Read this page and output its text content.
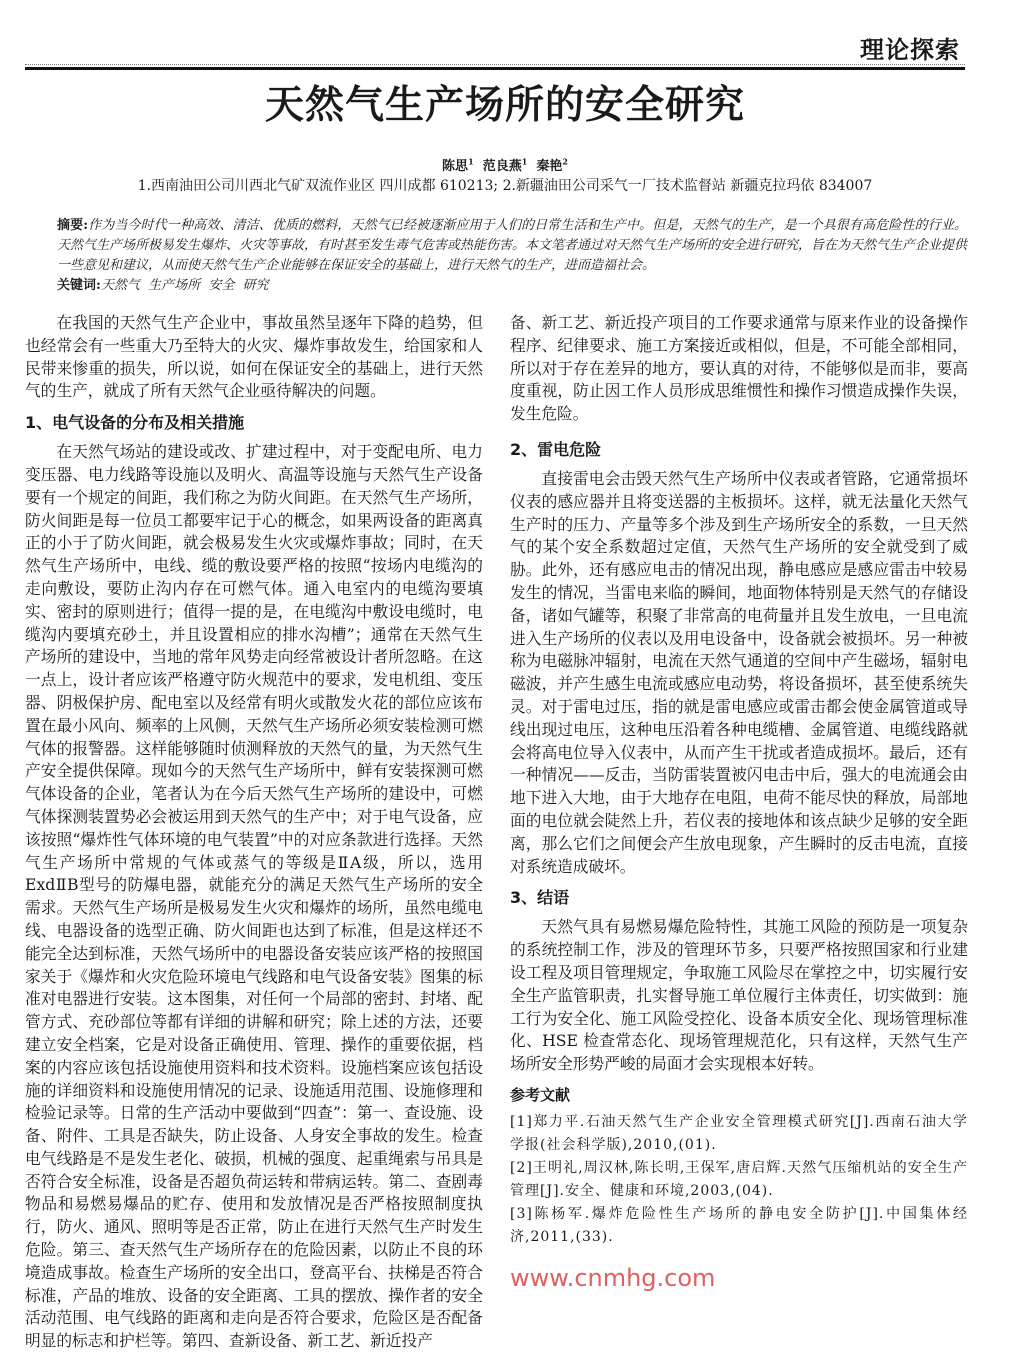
理论探索
天然气生产场所的安全研究
陈思$^1$ 范良燕$^1$ 秦艳$^2$
1.西南油田公司川西北气矿双流作业区 四川成都 610213; 2.新疆油田公司采气一厂技术监督站 新疆克拉玛依 834007
摘要:作为当今时代一种高效、清洁、优质的燃料，天然气已经被逐渐应用于人们的日常生活和生产中。但是，天然气的生产，是一个具很有高危险性的行业。天然气生产场所极易发生爆炸、火灾等事故，有时甚至发生毒气危害或热能伤害。本文笔者通过对天然气生产场所的安全进行研究，旨在为天然气生产企业提供一些意见和建议，从而使天然气生产企业能够在保证安全的基础上，进行天然气的生产，进而造福社会。
关键词:天然气  生产场所  安全  研究

在我国的天然气生产企业中，事故虽然呈逐年下降的趋势，但也经常会有一些重大乃至特大的火灾、爆炸事故发生，给国家和人民带来惨重的损失，所以说，如何在保证安全的基础上，进行天然气的生产，就成了所有天然气企业亟待解决的问题。

1、电气设备的分布及相关措施

在天然气场站的建设或改、扩建过程中，对于变配电所、电力变压器、电力线路等设施以及明火、高温等设施与天然气生产设备要有一个规定的间距，我们称之为防火间距。在天然气生产场所，防火间距是每一位员工都要牢记于心的概念，如果两设备的距离真正的小于了防火间距，就会极易发生火灾或爆炸事故；同时，在天然气生产场所中，电线、缆的敷设要严格的按照“按场内电缆沟的走向敷设，要防止沟内存在可燃气体。通入电室内的电缆沟要填实、密封的原则进行；值得一提的是，在电缆沟中敷设电缆时，电缆沟内要填充砂土，并且设置相应的排水沟槽”；通常在天然气生产场所的建设中，当地的常年风势走向经常被设计者所忽略。在这一点上，设计者应该严格遵守防火规范中的要求，发电机组、变压器、阴极保护房、配电室以及经常有明火或散发火花的部位应该布置在最小风向、频率的上风侧，天然气生产场所必须安装检测可燃气体的报警器。这样能够随时侦测释放的天然气的量，为天然气生产安全提供保障。现如今的天然气生产场所中，鲜有安装探测可燃气体设备的企业，笔者认为在今后天然气生产场所的建设中，可燃气体探测装置势必会被运用到天然气的生产中；对于电气设备，应该按照“爆炸性气体环境的电气装置”中的对应条款进行选择。天然气生产场所中常规的气体或蒸气的等级是ⅡA级，所以，选用ExdⅡB型号的防爆电器，就能充分的满足天然气生产场所的安全需求。天然气生产场所是极易发生火灾和爆炸的场所，虽然电缆电线、电器设备的选型正确、防火间距也达到了标准，但是这样还不能完全达到标准，天然气场所中的电器设备安装应该严格的按照国家关于《爆炸和火灾危险环境电气线路和电气设备安装》图集的标准对电器进行安装。这本图集，对任何一个局部的密封、封堵、配管方式、充砂部位等都有详细的讲解和研究；除上述的方法，还要建立安全档案，它是对设备正确使用、管理、操作的重要依据，档案的内容应该包括设施使用资料和技术资料。设施档案应该包括设施的详细资料和设施使用情况的记录、设施适用范围、设施修理和检验记录等。日常的生产活动中要做到“四查”：第一、查设施、设备、附件、工具是否缺失，防止设备、人身安全事故的发生。检查电气线路是不是发生老化、破损，机械的强度、起重绳索与吊具是否符合安全标准，设备是否超负荷运转和带病运转。第二、查剧毒物品和易燃易爆品的贮存、使用和发放情况是否严格按照制度执行，防火、通风、照明等是否正常，防止在进行天然气生产时发生危险。第三、查天然气生产场所存在的危险因素，以防止不良的环境造成事故。检查生产场所的安全出口，登高平台、扶梯是否符合标准，产品的堆放、设备的安全距离、工具的摆放、操作者的安全活动范围、电气线路的距离和走向是否符合要求，危险区是否配备明显的标志和护栏等。第四、查新设备、新工艺、新近投产

备、新工艺、新近投产项目的工作要求通常与原来作业的设备操作程序、纪律要求、施工方案接近或相似，但是，不可能全部相同，所以对于存在差异的地方，要认真的对待，不能够似是而非，要高度重视，防止因工作人员形成思维惯性和操作习惯造成操作失误，发生危险。

2、雷电危险

直接雷电会击毁天然气生产场所中仪表或者管路，它通常损坏仪表的感应器并且将变送器的主板损坏。这样，就无法量化天然气生产时的压力、产量等多个涉及到生产场所安全的系数，一旦天然气的某个安全系数超过定值，天然气生产场所的安全就受到了威胁。此外，还有感应电击的情况出现，静电感应是感应雷击中较易发生的情况，当雷电来临的瞬间，地面物体特别是天然气的存储设备，诸如气罐等，积聚了非常高的电荷量并且发生放电，一旦电流进入生产场所的仪表以及用电设备中，设备就会被损坏。另一种被称为电磁脉冲辐射，电流在天然气通道的空间中产生磁场，辐射电磁波，并产生感生电流或感应电动势，将设备损坏，甚至使系统失灵。对于雷电过压，指的就是雷电感应或雷击都会使金属管道或导线出现过电压，这种电压沿着各种电缆槽、金属管道、电缆线路就会将高电位导入仪表中，从而产生干扰或者造成损坏。最后，还有一种情况——反击，当防雷装置被闪电击中后，强大的电流通会由地下进入大地，由于大地存在电阻，电荷不能尽快的释放，局部地面的电位就会陡然上升，若仪表的接地体和该点缺少足够的安全距离，那么它们之间便会产生放电现象，产生瞬时的反击电流，直接对系统造成破坏。

3、结语

天然气具有易燃易爆危险特性，其施工风险的预防是一项复杂的系统控制工作，涉及的管理环节多，只要严格按照国家和行业建设工程及项目管理规定，争取施工风险尽在掌控之中，切实履行安全生产监管职责，扎实督导施工单位履行主体责任，切实做到：施工行为安全化、施工风险受控化、设备本质安全化、现场管理标准化、HSE 检查常态化、现场管理规范化，只有这样，天然气生产场所安全形势严峻的局面才会实现根本好转。

参考文献
[1]郑力平.石油天然气生产企业安全管理模式研究[J].西南石油大学学报(社会科学版),2010,(01).
[2]王明礼,周汉林,陈长明,王保军,唐启辉.天然气压缩机站的安全生产管理[J].安全、健康和环境,2003,(04).
[3]陈杨军.爆炸危险性生产场所的静电安全防护[J].中国集体经济,2011,(33).
www.cnmhg.com
